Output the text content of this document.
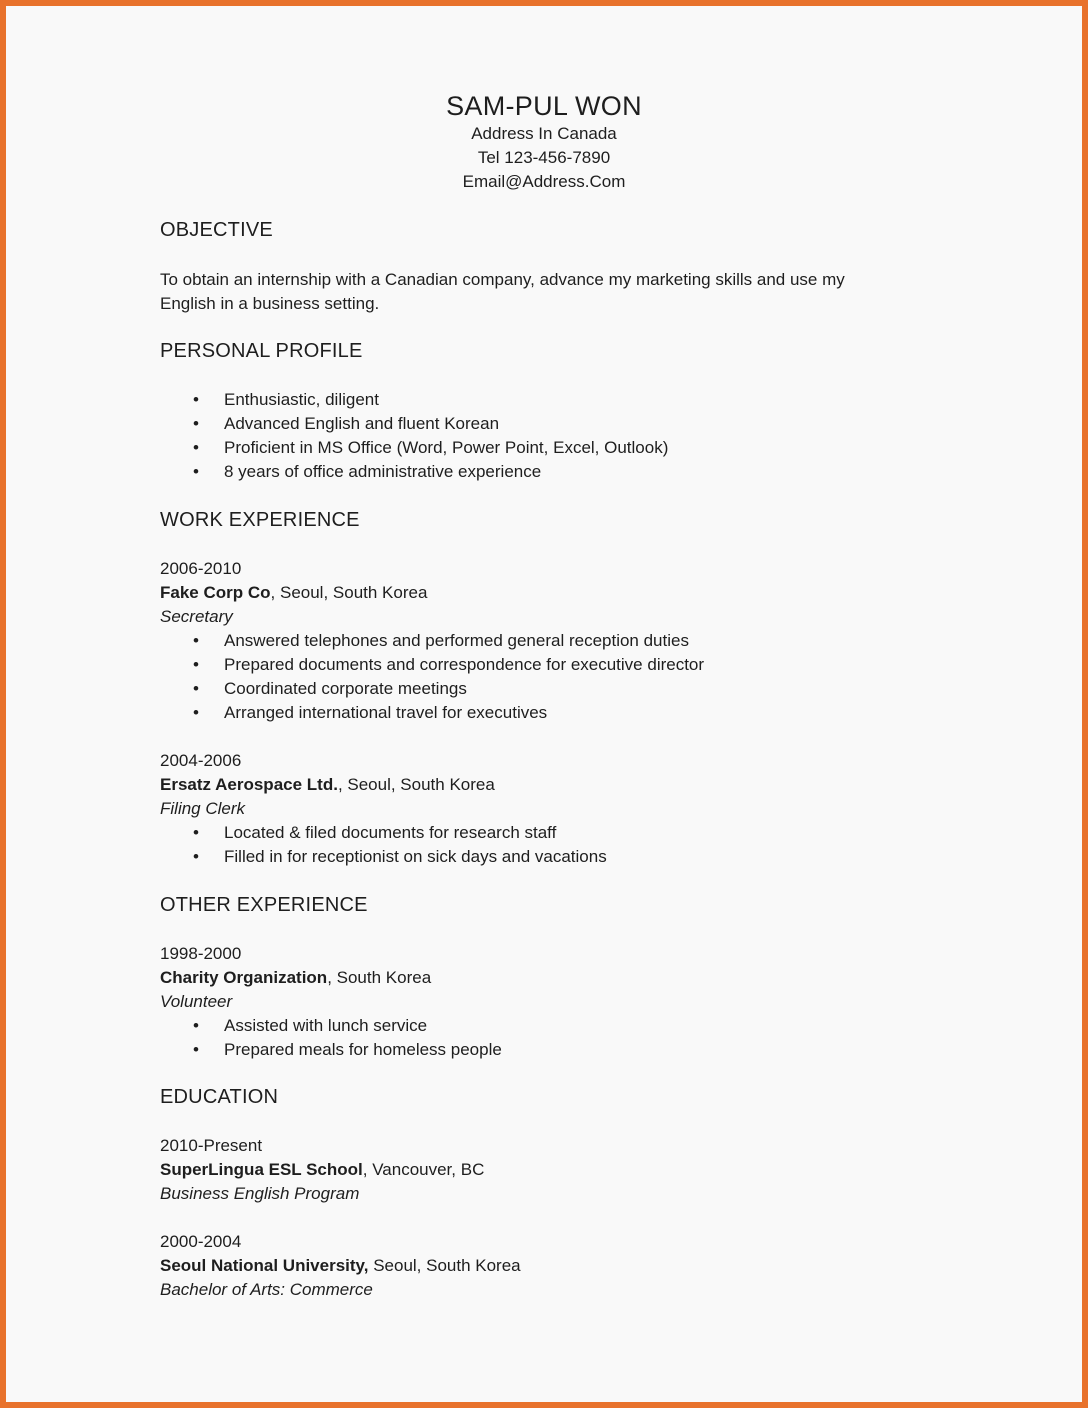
SAM-PUL WON
Address In Canada
Tel 123-456-7890
Email@Address.Com
OBJECTIVE
To obtain an internship with a Canadian company, advance my marketing skills and use my
English in a business setting.
PERSONAL PROFILE
• Enthusiastic, diligent
• Advanced English and fluent Korean
• Proficient in MS Office (Word, Power Point, Excel, Outlook)
• 8 years of office administrative experience
WORK EXPERIENCE
2006-2010
Fake Corp Co, Seoul, South Korea
Secretary
• Answered telephones and performed general reception duties
• Prepared documents and correspondence for executive director
• Coordinated corporate meetings
• Arranged international travel for executives
2004-2006
Ersatz Aerospace Ltd., Seoul, South Korea
Filing Clerk
• Located & filed documents for research staff
• Filled in for receptionist on sick days and vacations
OTHER EXPERIENCE
1998-2000
Charity Organization, South Korea
Volunteer
• Assisted with lunch service
• Prepared meals for homeless people
EDUCATION
2010-Present
SuperLingua ESL School, Vancouver, BC
Business English Program
2000-2004
Seoul National University, Seoul, South Korea
Bachelor of Arts: Commerce
